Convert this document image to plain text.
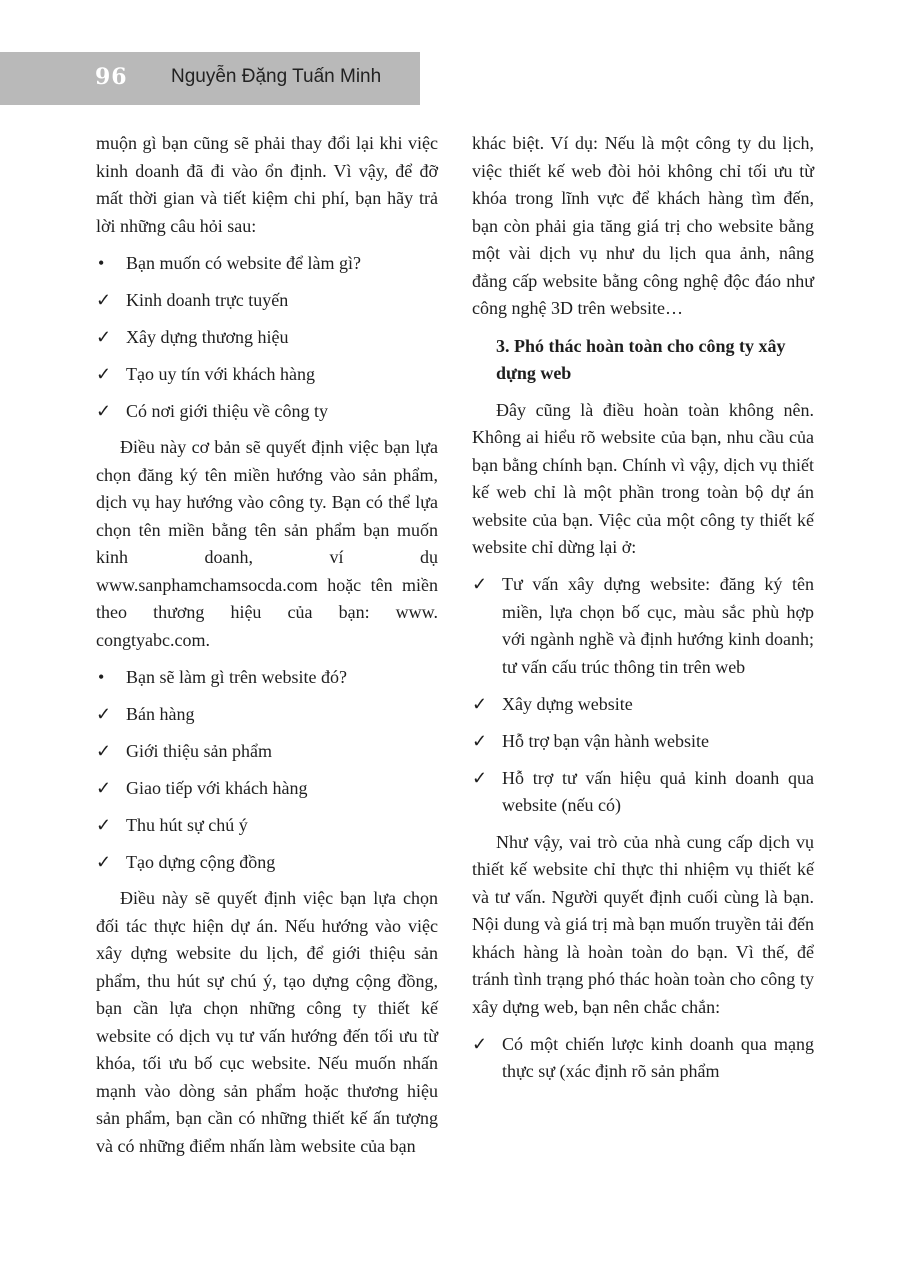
96 Nguyễn Đặng Tuấn Minh

muộn gì bạn cũng sẽ phải thay đổi lại khi việc kinh doanh đã đi vào ổn định. Vì vậy, để đỡ mất thời gian và tiết kiệm chi phí, bạn hãy trả lời những câu hỏi sau:

•	Bạn muốn có website để làm gì?
✓ Kinh doanh trực tuyến
✓ Xây dựng thương hiệu
✓ Tạo uy tín với khách hàng
✓ Có nơi giới thiệu về công ty

Điều này cơ bản sẽ quyết định việc bạn lựa chọn đăng ký tên miền hướng vào sản phẩm, dịch vụ hay hướng vào công ty. Bạn có thể lựa chọn tên miền bằng tên sản phẩm bạn muốn kinh doanh, ví dụ www.sanphamchamsocda.com hoặc tên miền theo thương hiệu của bạn: www. congtyabc.com.

•	Bạn sẽ làm gì trên website đó?
✓ Bán hàng
✓ Giới thiệu sản phẩm
✓ Giao tiếp với khách hàng
✓ Thu hút sự chú ý
✓ Tạo dựng cộng đồng

Điều này sẽ quyết định việc bạn lựa chọn đối tác thực hiện dự án. Nếu hướng vào việc xây dựng website du lịch, để giới thiệu sản phẩm, thu hút sự chú ý, tạo dựng cộng đồng, bạn cần lựa chọn những công ty thiết kế website có dịch vụ tư vấn hướng đến tối ưu từ khóa, tối ưu bố cục website. Nếu muốn nhấn mạnh vào dòng sản phẩm hoặc thương hiệu sản phẩm, bạn cần có những thiết kế ấn tượng và có những điểm nhấn làm website của bạn

khác biệt. Ví dụ: Nếu là một công ty du lịch, việc thiết kế web đòi hỏi không chỉ tối ưu từ khóa trong lĩnh vực để khách hàng tìm đến, bạn còn phải gia tăng giá trị cho website bằng một vài dịch vụ như du lịch qua ảnh, nâng đẳng cấp website bằng công nghệ độc đáo như công nghệ 3D trên website…

3. Phó thác hoàn toàn cho công ty xây dựng web

Đây cũng là điều hoàn toàn không nên. Không ai hiểu rõ website của bạn, nhu cầu của bạn bằng chính bạn. Chính vì vậy, dịch vụ thiết kế web chỉ là một phần trong toàn bộ dự án website của bạn. Việc của một công ty thiết kế website chỉ dừng lại ở:

✓ Tư vấn xây dựng website: đăng ký tên miền, lựa chọn bố cục, màu sắc phù hợp với ngành nghề và định hướng kinh doanh; tư vấn cấu trúc thông tin trên web
✓ Xây dựng website
✓ Hỗ trợ bạn vận hành website
✓ Hỗ trợ tư vấn hiệu quả kinh doanh qua website (nếu có)

Như vậy, vai trò của nhà cung cấp dịch vụ thiết kế website chỉ thực thi nhiệm vụ thiết kế và tư vấn. Người quyết định cuối cùng là bạn. Nội dung và giá trị mà bạn muốn truyền tải đến khách hàng là hoàn toàn do bạn. Vì thế, để tránh tình trạng phó thác hoàn toàn cho công ty xây dựng web, bạn nên chắc chắn:

✓ Có một chiến lược kinh doanh qua mạng thực sự (xác định rõ sản phẩm
